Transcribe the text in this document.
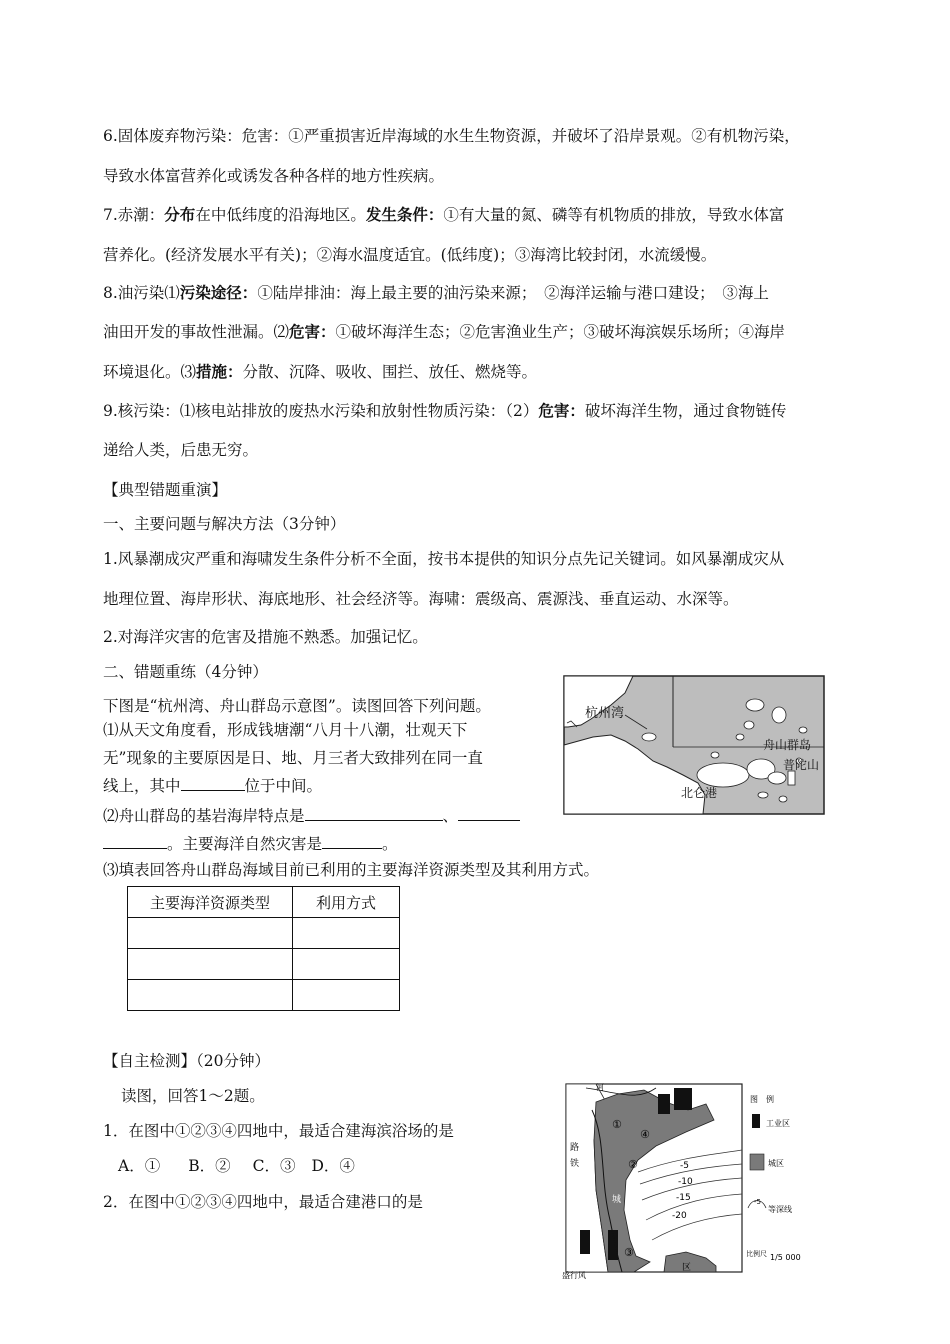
6.固体废弃物污染：危害：①严重损害近岸海域的水生生物资源，并破坏了沿岸景观。②有机物污染，
导致水体富营养化或诱发各种各样的地方性疾病。
7.赤潮：分布在中低纬度的沿海地区。发生条件：①有大量的氮、磷等有机物质的排放，导致水体富
营养化。(经济发展水平有关)；②海水温度适宜。(低纬度)；③海湾比较封闭，水流缓慢。
8.油污染⑴污染途径：①陆岸排油：海上最主要的油污染来源；　②海洋运输与港口建设；　③海上
油田开发的事故性泄漏。⑵危害：①破坏海洋生态；②危害渔业生产；③破坏海滨娱乐场所；④海岸
环境退化。⑶措施：分散、沉降、吸收、围拦、放任、燃烧等。
9.核污染：⑴核电站排放的废热水污染和放射性物质污染：（2）危害：破坏海洋生物，通过食物链传
递给人类，后患无穷。
【典型错题重演】
一、主要问题与解决方法（3分钟）
1.风暴潮成灾严重和海啸发生条件分析不全面，按书本提供的知识分点先记关键词。如风暴潮成灾从
地理位置、海岸形状、海底地形、社会经济等。海啸：震级高、震源浅、垂直运动、水深等。
2.对海洋灾害的危害及措施不熟悉。加强记忆。
二、错题重练（4分钟）
下图是“杭州湾、舟山群岛示意图”。读图回答下列问题。
⑴从天文角度看，形成钱塘潮“八月十八潮，壮观天下
无”现象的主要原因是日、地、月三者大致排列在同一直
线上，其中	位于中间。
⑵舟山群岛的基岩海岸特点是	、
。主要海洋自然灾害是	。
⑶填表回答舟山群岛海域目前已利用的主要海洋资源类型及其利用方式。
主要海洋资源类型	利用方式

杭州湾
舟山群岛
普陀山
北仑港
【自主检测】（20分钟）
读图，回答1～2题。
1．在图中①②③④四地中，最适合建海滨浴场的是
A．① B．② C．③ D．④
2．在图中①②③④四地中，最适合建港口的是
-5
-10
-15
-20
①
②
③
④
河
路
铁
城
盛行风
区
图　例
工业区
城区
-5
等深线
比例尺 1/5 000
